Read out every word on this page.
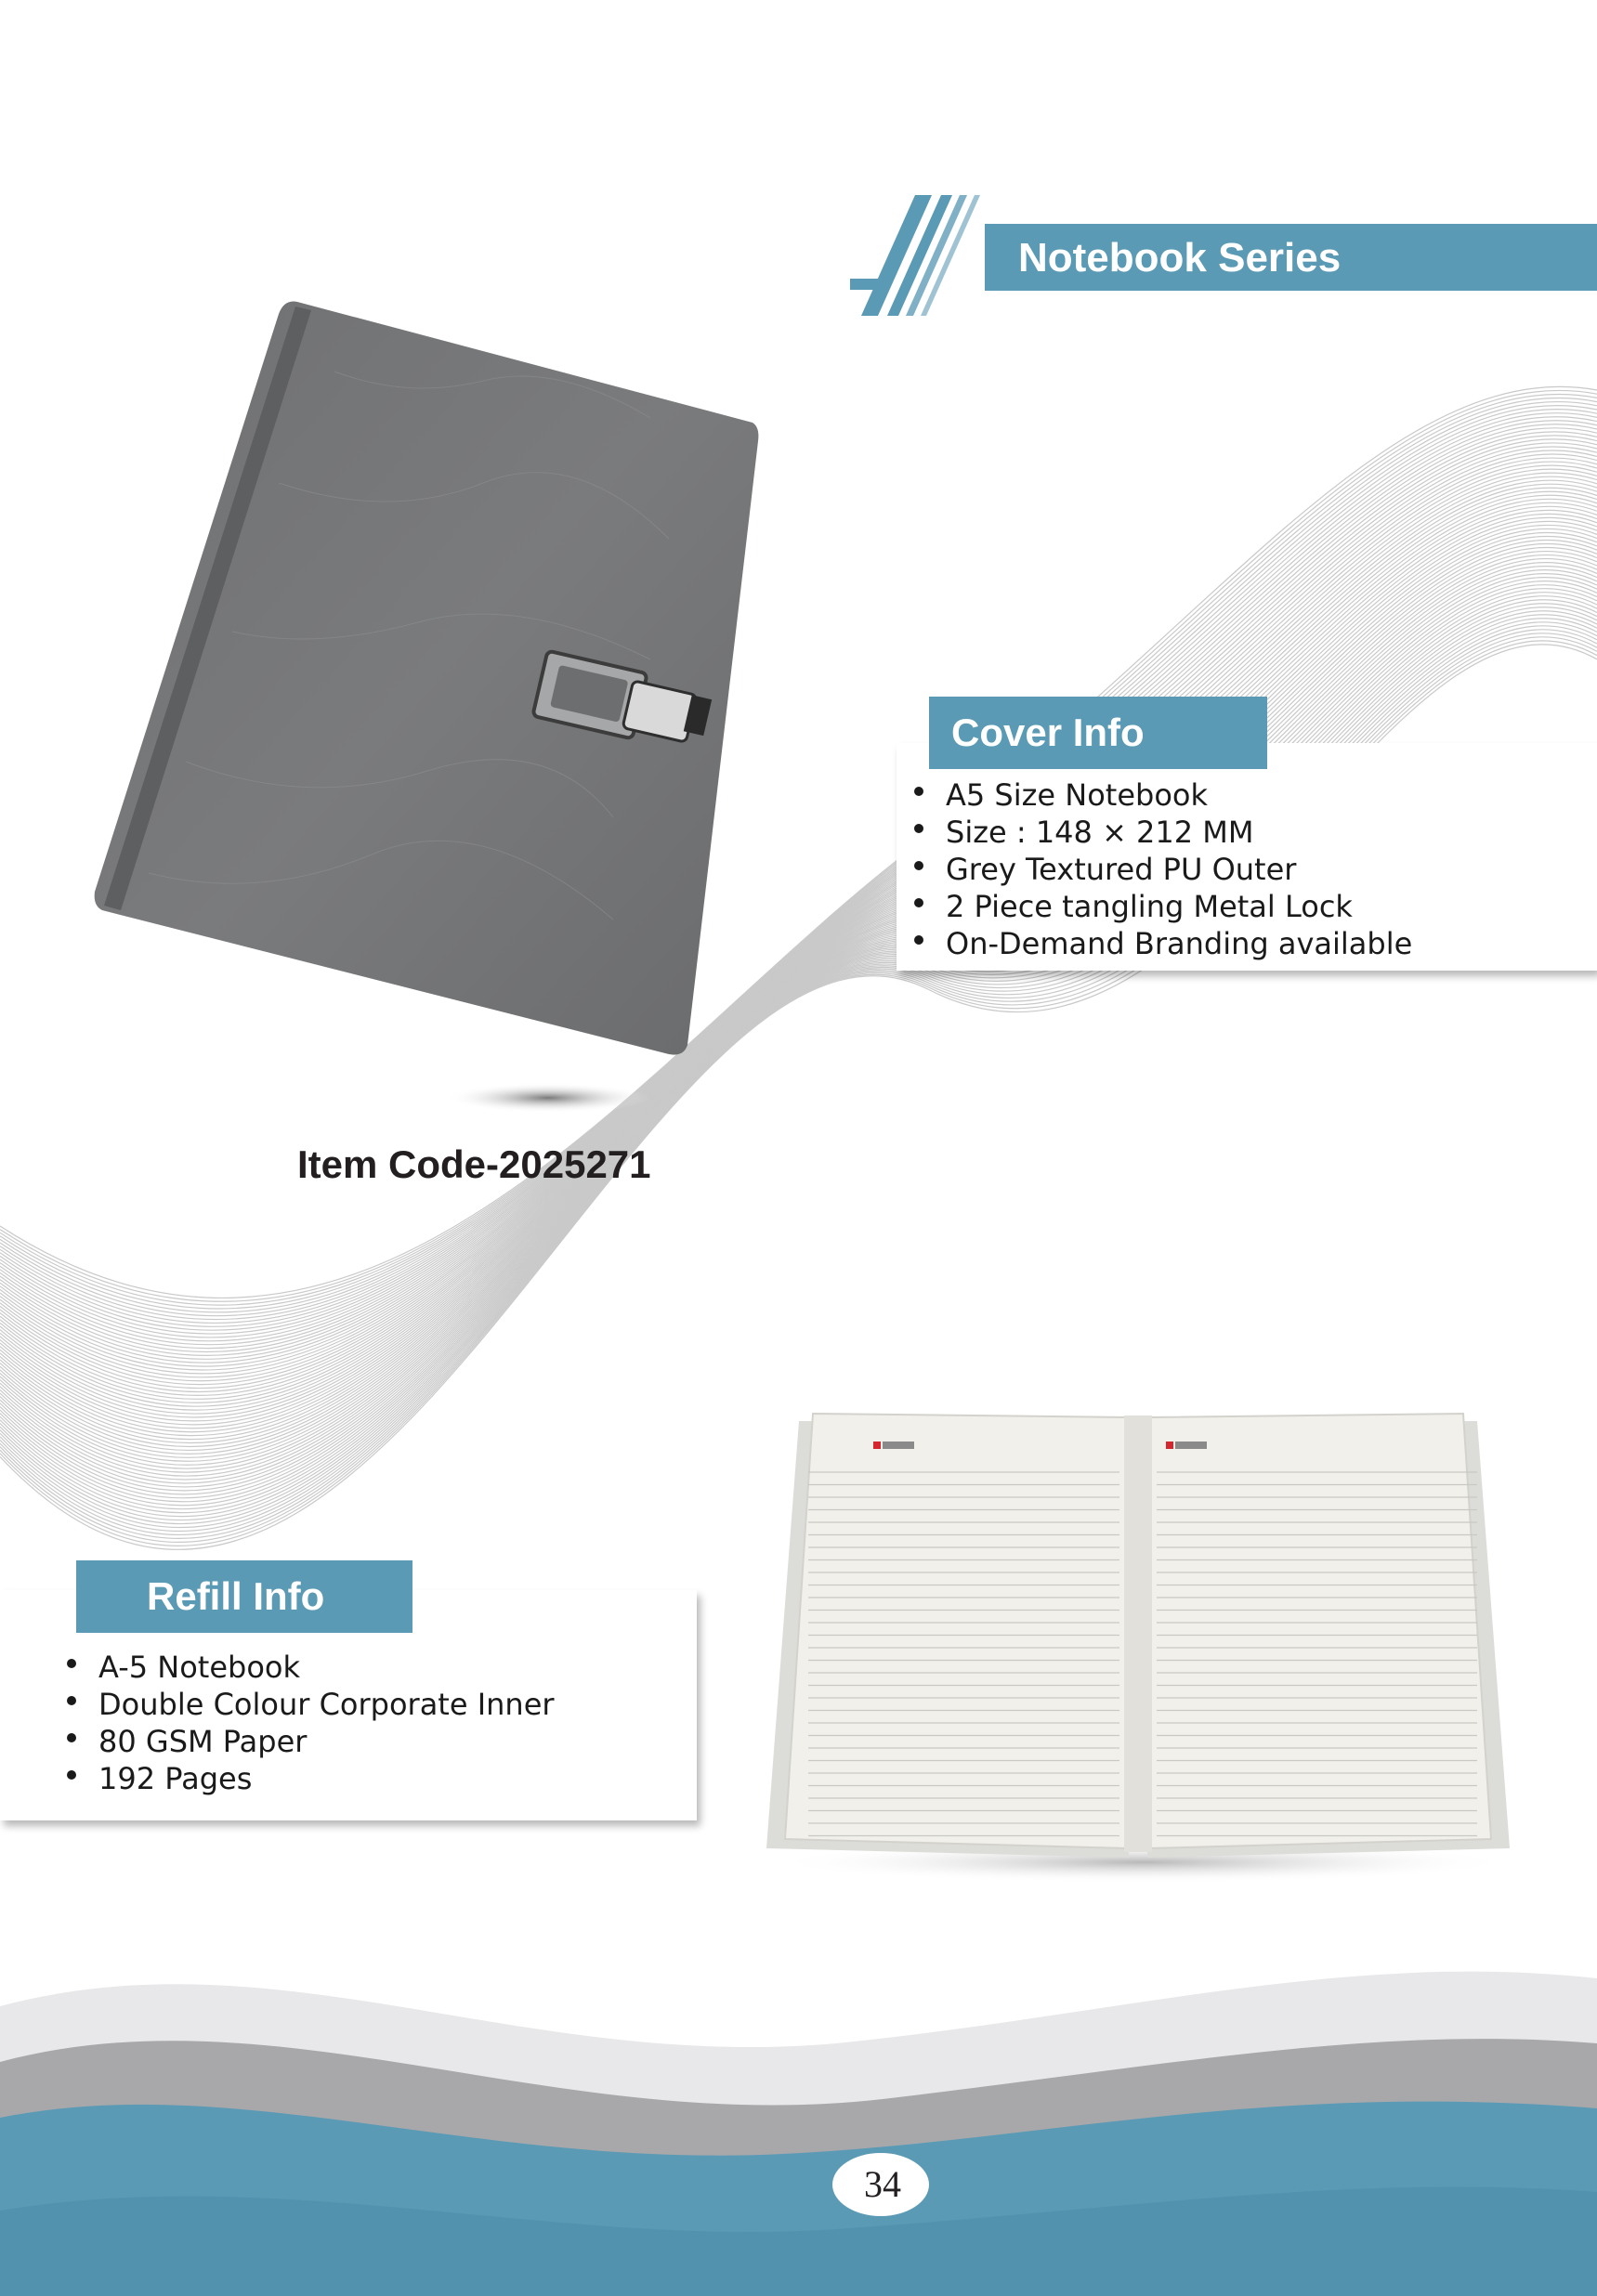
Notebook Series
Item Code-2025271
Cover Info
A5 Size Notebook
Size : 148 × 212 MM
Grey Textured PU Outer
2 Piece tangling Metal Lock
On-Demand Branding available
Refill Info
A-5 Notebook
Double Colour Corporate Inner
80 GSM Paper
192 Pages
34
